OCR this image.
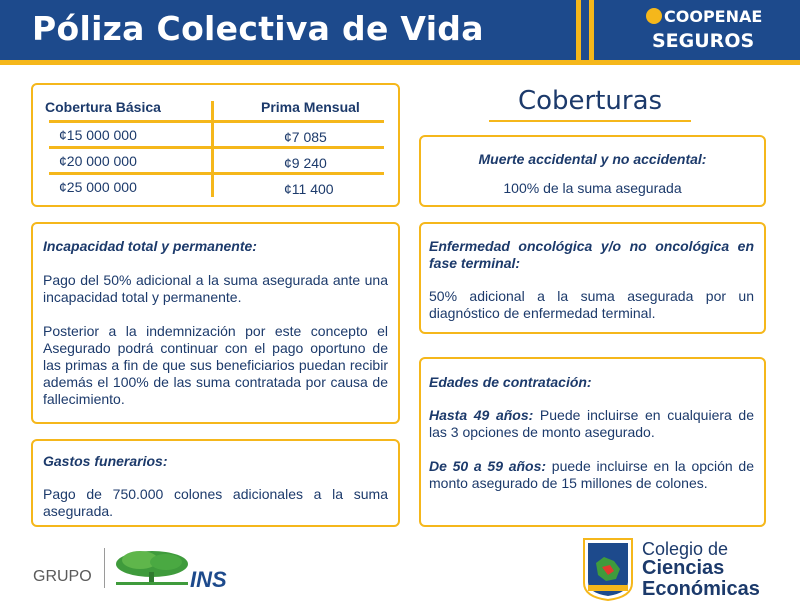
Póliza Colectiva de Vida	COOPENAE
SEGUROS
Cobertura Básica	Prima Mensual
¢15 000 000	¢7 085
¢20 000 000	¢9 240
¢25 000 000	¢11 400
Coberturas
Incapacidad total y permanente:
Pago del 50% adicional a la suma asegurada ante una incapacidad total y permanente.
Posterior a la indemnización por este concepto el Asegurado podrá continuar con el pago oportuno de las primas a fin de que sus beneficiarios puedan recibir además el 100% de las suma contratada por causa de fallecimiento.
Gastos funerarios:
Pago de 750.000 colones adicionales a la suma asegurada.
Muerte accidental y no accidental:
100% de la suma asegurada
Enfermedad oncológica y/o no oncológica en fase terminal:
50% adicional a la suma asegurada por un diagnóstico de enfermedad terminal.
Edades de contratación:
Hasta 49 años: Puede incluirse en cualquiera de las 3 opciones de monto asegurado.
De 50 a 59 años: puede incluirse en la opción de monto asegurado de 15 millones de colones.
GRUPO	INS
Colegio de
Ciencias
Económicas
